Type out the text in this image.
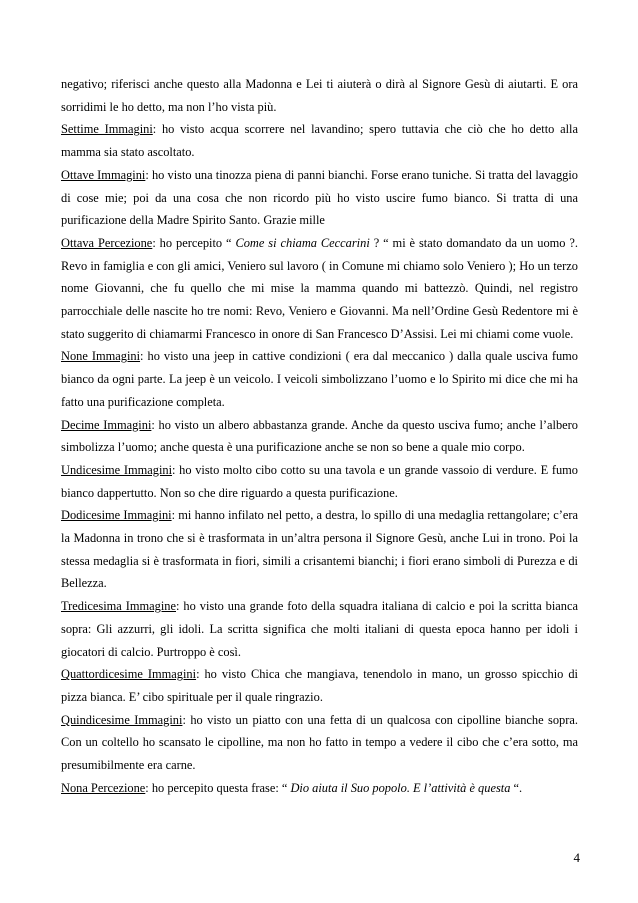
negativo; riferisci anche questo alla Madonna e Lei ti aiuterà o dirà al Signore Gesù di aiutarti. E ora sorridimi le ho detto, ma non l’ho vista più.

Settime Immagini: ho visto acqua scorrere nel lavandino; spero tuttavia che ciò che ho detto alla mamma sia stato ascoltato.

Ottave Immagini: ho visto una tinozza piena di panni bianchi. Forse erano tuniche. Si tratta del lavaggio di cose mie; poi da una cosa che non ricordo più ho visto uscire fumo bianco. Si tratta di una purificazione della Madre Spirito Santo. Grazie mille

Ottava Percezione: ho percepito “ Come si chiama Ceccarini ? “ mi è stato domandato da un uomo ?. Revo in famiglia e con gli amici, Veniero sul lavoro ( in Comune mi chiamo solo Veniero ); Ho un terzo nome Giovanni, che fu quello che mi mise la mamma quando mi battezzò. Quindi, nel registro parrocchiale delle nascite ho tre nomi: Revo, Veniero e Giovanni. Ma nell’Ordine Gesù Redentore mi è stato suggerito di chiamarmi Francesco in onore di San Francesco D’Assisi. Lei mi chiami come vuole.

None Immagini: ho visto una jeep in cattive condizioni ( era dal meccanico ) dalla quale usciva fumo bianco da ogni parte. La jeep è un veicolo. I veicoli simbolizzano l’uomo e lo Spirito mi dice che mi ha fatto una purificazione completa.

Decime Immagini: ho visto un albero abbastanza grande. Anche da questo usciva fumo; anche l’albero simbolizza l’uomo; anche questa è una purificazione anche se non so bene a quale mio corpo.

Undicesime Immagini: ho visto molto cibo cotto su una tavola e un grande vassoio di verdure. E fumo bianco dappertutto. Non so che dire riguardo a questa purificazione.

Dodicesime Immagini: mi hanno infilato nel petto, a destra, lo spillo di una medaglia rettangolare; c’era la Madonna in trono che si è trasformata in un’altra persona il Signore Gesù, anche Lui in trono. Poi la stessa medaglia si è trasformata in fiori, simili a crisantemi bianchi; i fiori erano simboli di Purezza e di Bellezza.

Tredicesima Immagine: ho visto una grande foto della squadra italiana di calcio e poi la scritta bianca sopra: Gli azzurri, gli idoli. La scritta significa che molti italiani di questa epoca hanno per idoli i giocatori di calcio. Purtroppo è così.

Quattordicesime Immagini: ho visto Chica che mangiava, tenendolo in mano, un grosso spicchio di pizza bianca. E’ cibo spirituale per il quale ringrazio.

Quindicesime Immagini: ho visto un piatto con una fetta di un qualcosa con cipolline bianche sopra. Con un coltello ho scansato le cipolline, ma non ho fatto in tempo a vedere il cibo che c’era sotto, ma presumibilmente era carne.

Nona Percezione: ho percepito questa frase: “ Dio aiuta il Suo popolo. E l’attività è questa “.

4
